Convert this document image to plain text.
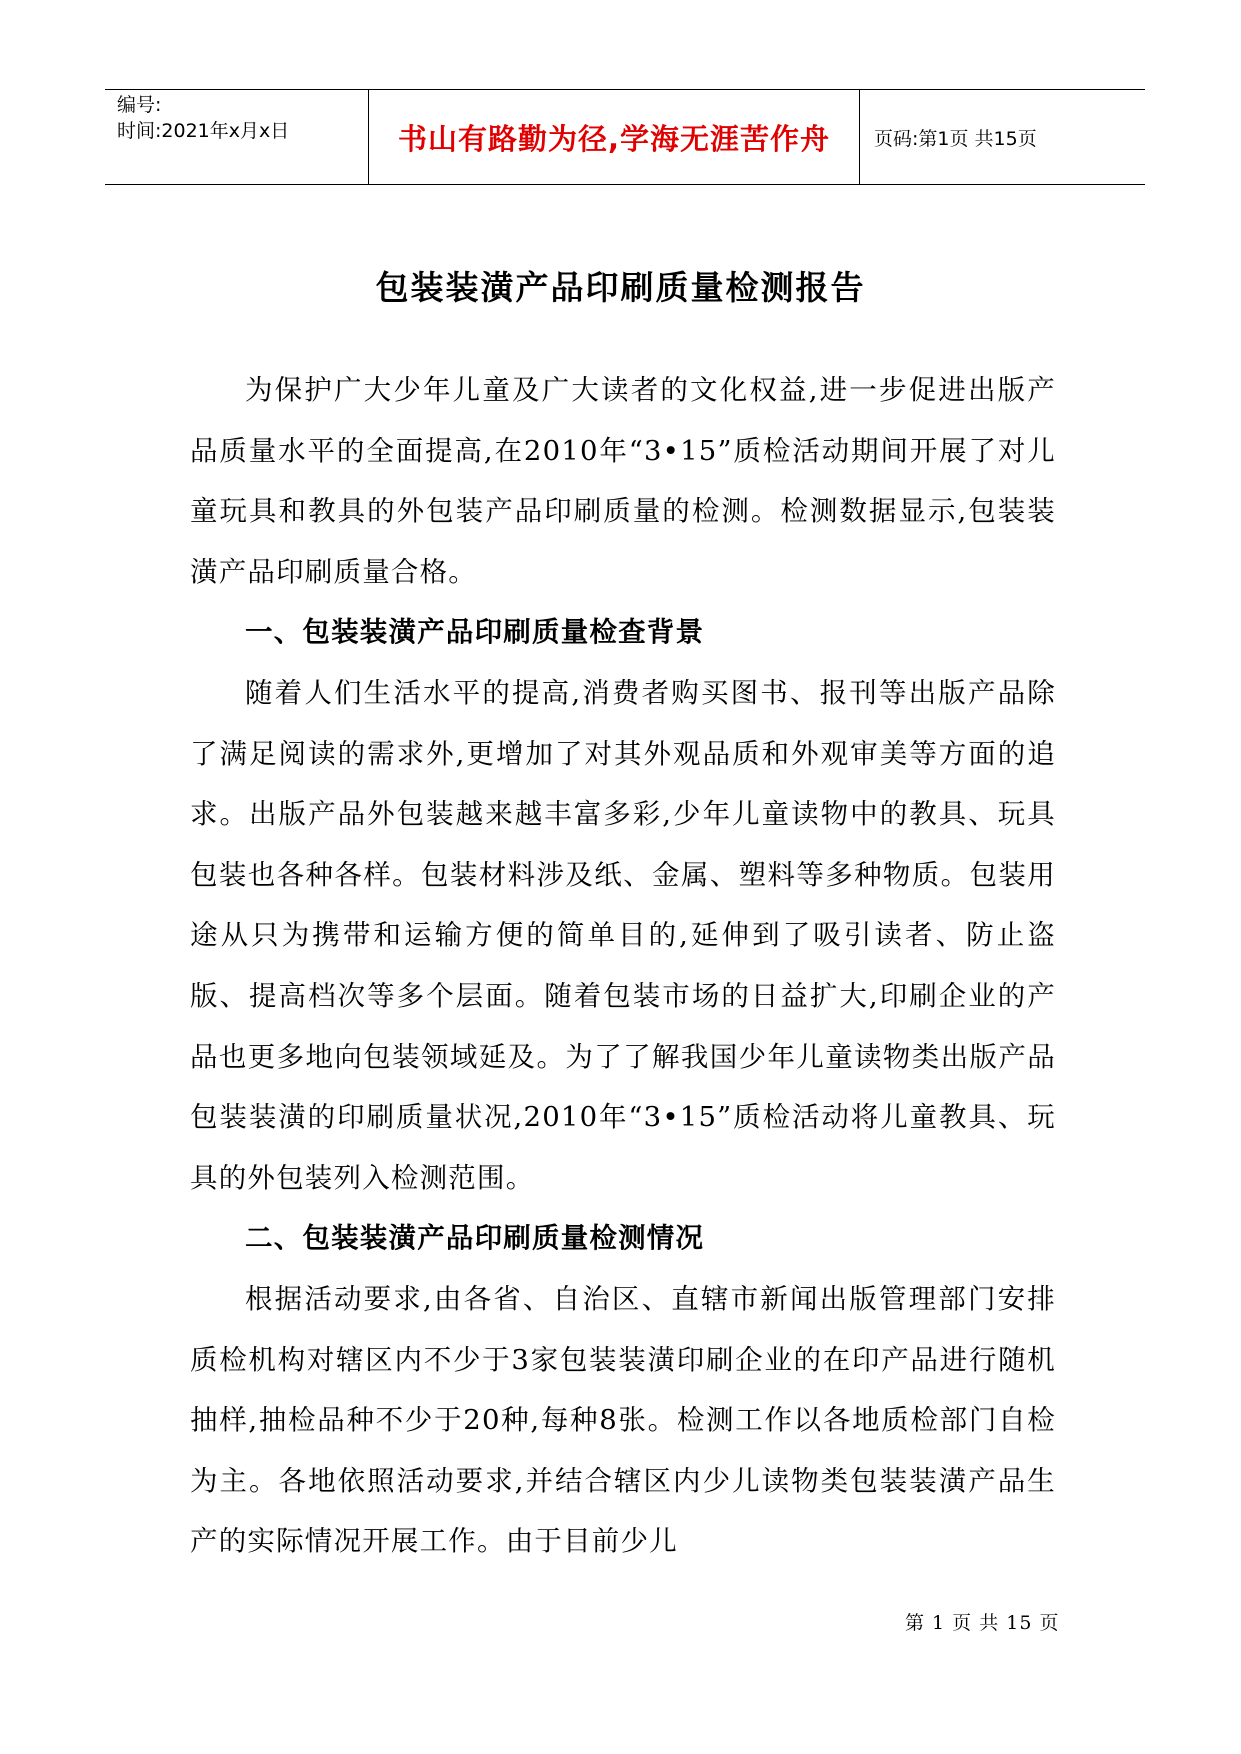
编号:
时间:2021年x月x日	书山有路勤为径,学海无涯苦作舟 页码:第1页 共15页
包装装潢产品印刷质量检测报告

为保护广大少年儿童及广大读者的文化权益,进一步促进出版产品质量水平的全面提高,在2010年“3•15”质检活动期间开展了对儿童玩具和教具的外包装产品印刷质量的检测。检测数据显示,包装装潢产品印刷质量合格。

一、包装装潢产品印刷质量检查背景

随着人们生活水平的提高,消费者购买图书、报刊等出版产品除了满足阅读的需求外,更增加了对其外观品质和外观审美等方面的追求。出版产品外包装越来越丰富多彩,少年儿童读物中的教具、玩具包装也各种各样。包装材料涉及纸、金属、塑料等多种物质。包装用途从只为携带和运输方便的简单目的,延伸到了吸引读者、防止盗版、提高档次等多个层面。随着包装市场的日益扩大,印刷企业的产品也更多地向包装领域延及。为了了解我国少年儿童读物类出版产品包装装潢的印刷质量状况,2010年“3•15”质检活动将儿童教具、玩具的外包装列入检测范围。

二、包装装潢产品印刷质量检测情况

根据活动要求,由各省、自治区、直辖市新闻出版管理部门安排质检机构对辖区内不少于3家包装装潢印刷企业的在印产品进行随机抽样,抽检品种不少于20种,每种8张。检测工作以各地质检部门自检为主。各地依照活动要求,并结合辖区内少儿读物类包装装潢产品生产的实际情况开展工作。由于目前少儿

第 1 页 共 15 页
